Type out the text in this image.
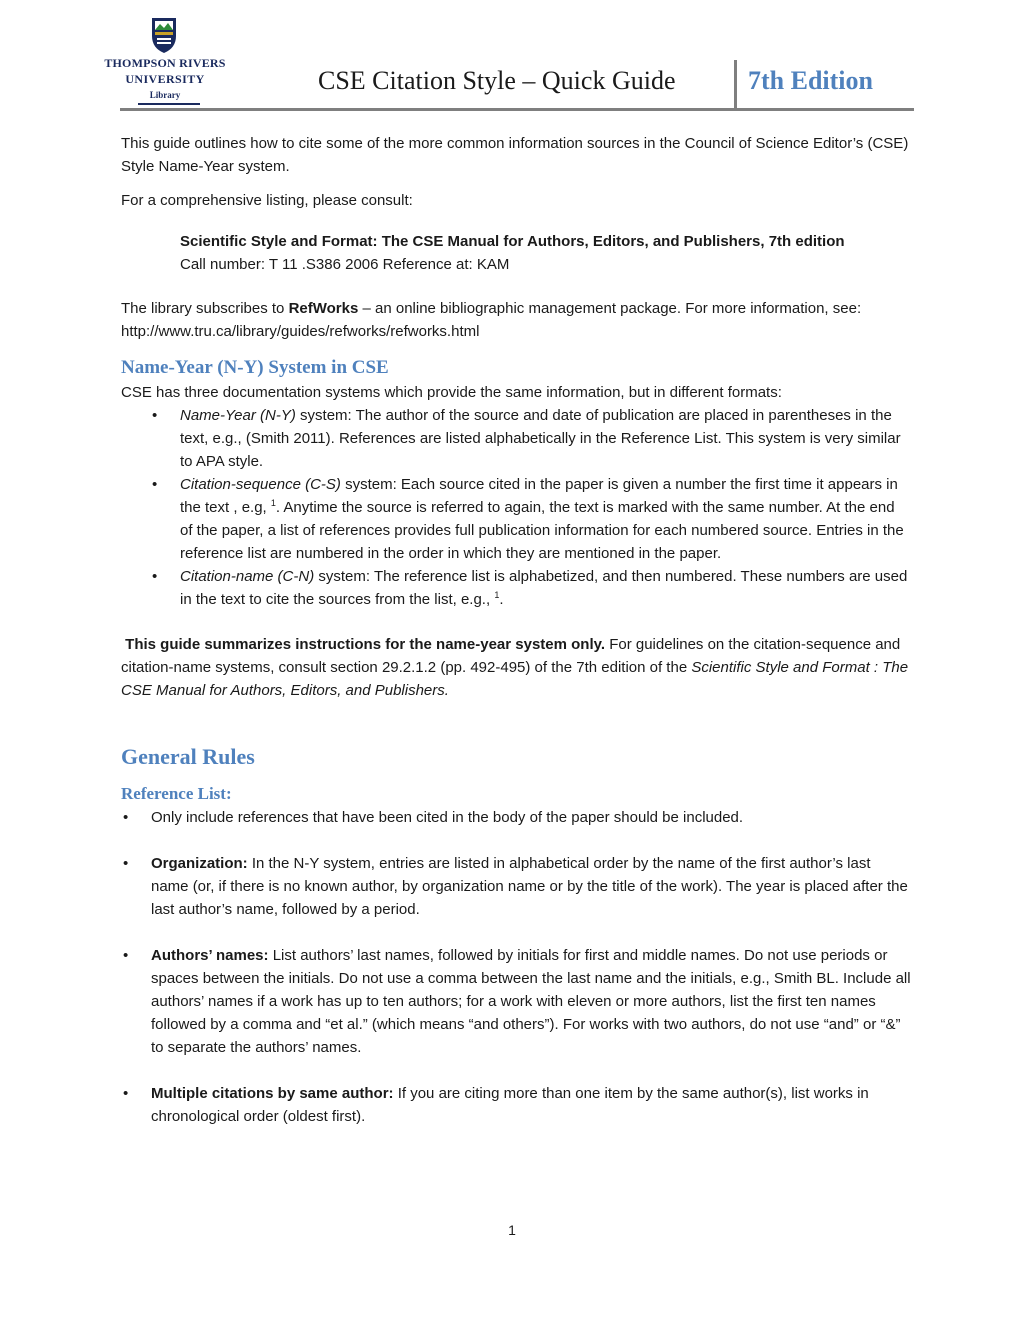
THOMPSON RIVERS
UNIVERSITY
Library	CSE Citation Style – Quick Guide	7th Edition

This guide outlines how to cite some of the more common information sources in the Council of Science Editor’s (CSE) Style Name-Year system.

For a comprehensive listing, please consult:

Scientific Style and Format: The CSE Manual for Authors, Editors, and Publishers, 7th edition

Call number: T 11 .S386 2006 Reference at: KAM

The library subscribes to RefWorks – an online bibliographic management package. For more information, see: http://www.tru.ca/library/guides/refworks/refworks.html

Name-Year (N-Y) System in CSE

CSE has three documentation systems which provide the same information, but in different formats:

• Name-Year (N-Y) system: The author of the source and date of publication are placed in parentheses in the text, e.g., (Smith 2011). References are listed alphabetically in the Reference List. This system is very similar to APA style.
• Citation-sequence (C-S) system: Each source cited in the paper is given a number the first time it appears in the text , e.g, $^1$. Anytime the source is referred to again, the text is marked with the same number. At the end of the paper, a list of references provides full publication information for each numbered source. Entries in the reference list are numbered in the order in which they are mentioned in the paper.
• Citation-name (C-N) system: The reference list is alphabetized, and then numbered. These numbers are used in the text to cite the sources from the list, e.g., $^1$.

This guide summarizes instructions for the name-year system only. For guidelines on the citation-sequence and citation-name systems, consult section 29.2.1.2 (pp. 492-495) of the 7th edition of the Scientific Style and Format : The CSE Manual for Authors, Editors, and Publishers.

General Rules
Reference List:
• Only include references that have been cited in the body of the paper should be included.
• Organization: In the N-Y system, entries are listed in alphabetical order by the name of the first author’s last name (or, if there is no known author, by organization name or by the title of the work). The year is placed after the last author’s name, followed by a period.
• Authors’ names: List authors’ last names, followed by initials for first and middle names. Do not use periods or spaces between the initials. Do not use a comma between the last name and the initials, e.g., Smith BL. Include all authors’ names if a work has up to ten authors; for a work with eleven or more authors, list the first ten names followed by a comma and “et al.” (which means “and others”). For works with two authors, do not use “and” or “&” to separate the authors’ names.
• Multiple citations by same author: If you are citing more than one item by the same author(s), list works in chronological order (oldest first).
1
